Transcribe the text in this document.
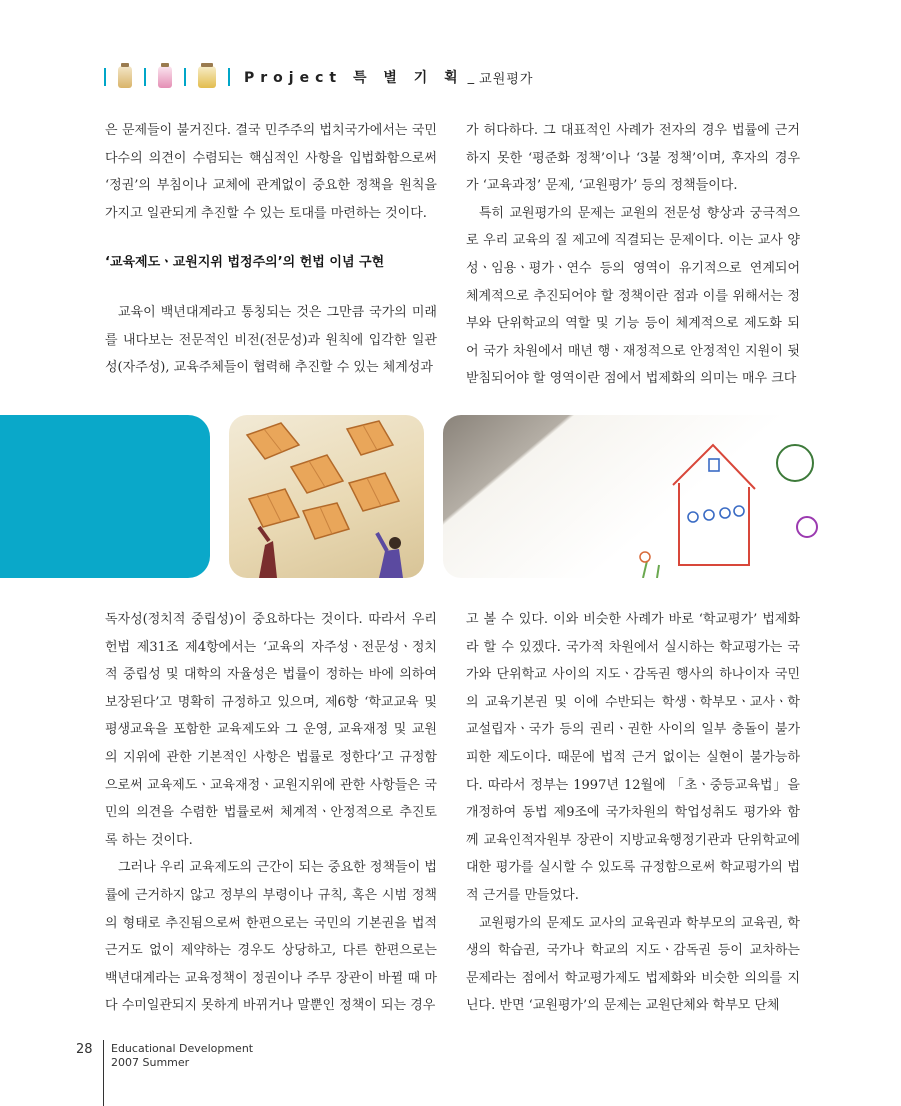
Project 특 별 기 획 _ 교원평가

은 문제들이 불거진다. 결국 민주주의 법치국가에서는 국민 다수의 의견이 수렴되는 핵심적인 사항을 입법화함으로써 ‘정권’의 부침이나 교체에 관계없이 중요한 정책을 원칙을 가지고 일관되게 추진할 수 있는 토대를 마련하는 것이다.

‘교육제도ㆍ교원지위 법정주의’의 헌법 이념 구현

교육이 백년대계라고 통칭되는 것은 그만큼 국가의 미래를 내다보는 전문적인 비전(전문성)과 원칙에 입각한 일관성(자주성), 교육주체들이 협력해 추진할 수 있는 체계성과

가 허다하다. 그 대표적인 사례가 전자의 경우 법률에 근거하지 못한 ‘평준화 정책’이나 ‘3불 정책’이며, 후자의 경우가 ‘교육과정’ 문제, ‘교원평가’ 등의 정책들이다.

특히 교원평가의 문제는 교원의 전문성 향상과 궁극적으로 우리 교육의 질 제고에 직결되는 문제이다. 이는 교사 양성ㆍ임용ㆍ평가ㆍ연수 등의 영역이 유기적으로 연계되어 체계적으로 추진되어야 할 정책이란 점과 이를 위해서는 정부와 단위학교의 역할 및 기능 등이 체계적으로 제도화 되어 국가 차원에서 매년 행ㆍ재정적으로 안정적인 지원이 뒷받침되어야 할 영역이란 점에서 법제화의 의미는 매우 크다

독자성(정치적 중립성)이 중요하다는 것이다. 따라서 우리 헌법 제31조 제4항에서는 ‘교육의 자주성ㆍ전문성ㆍ정치적 중립성 및 대학의 자율성은 법률이 정하는 바에 의하여 보장된다’고 명확히 규정하고 있으며, 제6항 ‘학교교육 및 평생교육을 포함한 교육제도와 그 운영, 교육재정 및 교원의 지위에 관한 기본적인 사항은 법률로 정한다’고 규정함으로써 교육제도ㆍ교육재정ㆍ교원지위에 관한 사항들은 국민의 의견을 수렴한 법률로써 체계적ㆍ안정적으로 추진토록 하는 것이다.

그러나 우리 교육제도의 근간이 되는 중요한 정책들이 법률에 근거하지 않고 정부의 부령이나 규칙, 혹은 시범 정책의 형태로 추진됨으로써 한편으로는 국민의 기본권을 법적 근거도 없이 제약하는 경우도 상당하고, 다른 한편으로는 백년대계라는 교육정책이 정권이나 주무 장관이 바뀔 때 마다 수미일관되지 못하게 바뀌거나 말뿐인 정책이 되는 경우

고 볼 수 있다. 이와 비슷한 사례가 바로 ‘학교평가’ 법제화라 할 수 있겠다. 국가적 차원에서 실시하는 학교평가는 국가와 단위학교 사이의 지도ㆍ감독권 행사의 하나이자 국민의 교육기본권 및 이에 수반되는 학생ㆍ학부모ㆍ교사ㆍ학교설립자ㆍ국가 등의 권리ㆍ권한 사이의 일부 충돌이 불가피한 제도이다. 때문에 법적 근거 없이는 실현이 불가능하다. 따라서 정부는 1997년 12월에 「초ㆍ중등교육법」을 개정하여 동법 제9조에 국가차원의 학업성취도 평가와 함께 교육인적자원부 장관이 지방교육행정기관과 단위학교에 대한 평가를 실시할 수 있도록 규정함으로써 학교평가의 법적 근거를 만들었다.

교원평가의 문제도 교사의 교육권과 학부모의 교육권, 학생의 학습권, 국가나 학교의 지도ㆍ감독권 등이 교차하는 문제라는 점에서 학교평가제도 법제화와 비슷한 의의를 지닌다. 반면 ‘교원평가’의 문제는 교원단체와 학부모 단체

28 Educational Development
2007 Summer
